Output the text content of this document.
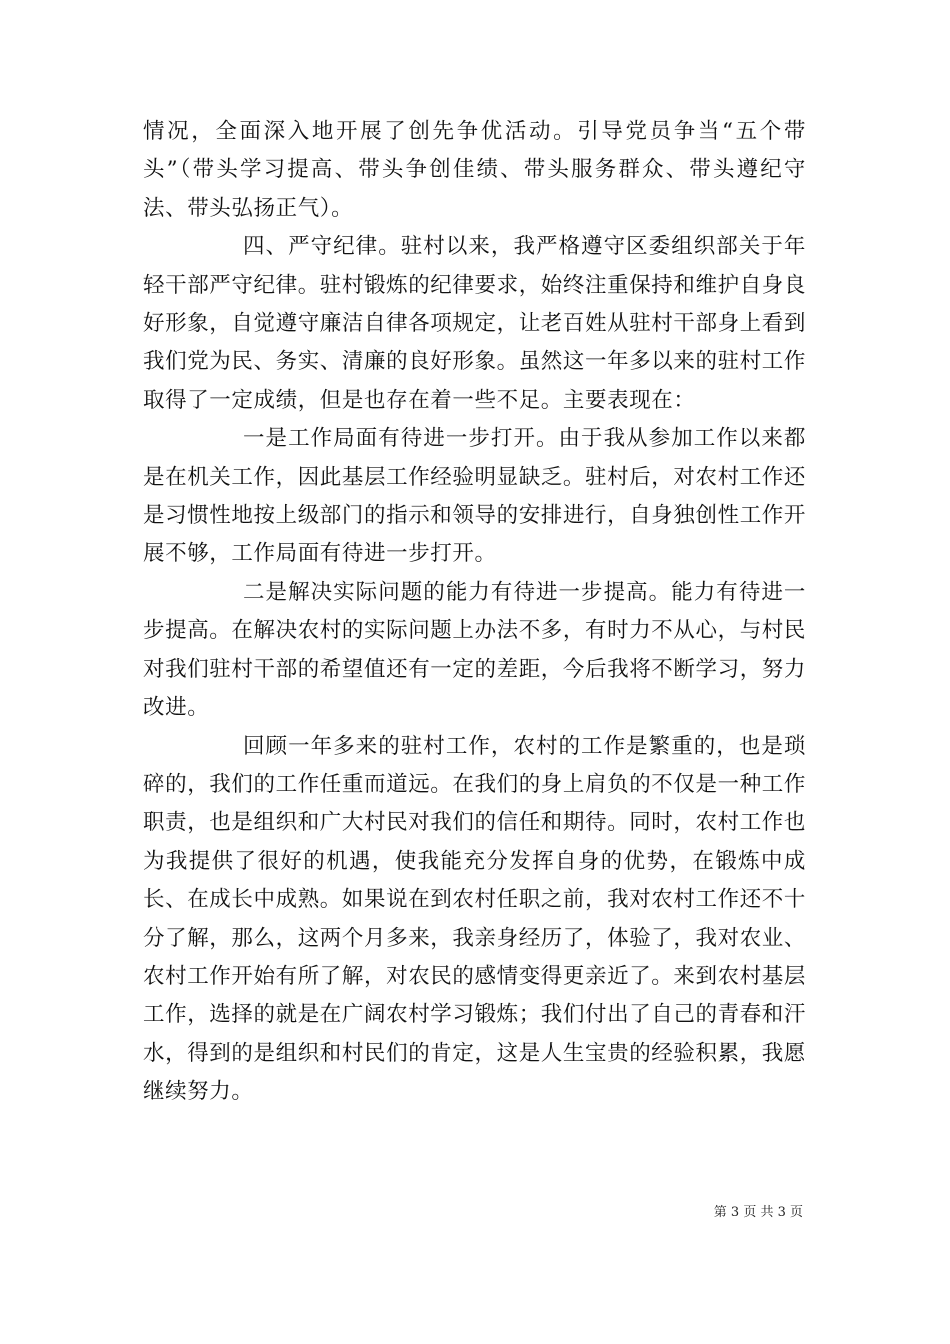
情况，全面深入地开展了创先争优活动。引导党员争当“五个带头”（带头学习提高、带头争创佳绩、带头服务群众、带头遵纪守法、带头弘扬正气）。

四、严守纪律。驻村以来，我严格遵守区委组织部关于年轻干部严守纪律。驻村锻炼的纪律要求，始终注重保持和维护自身良好形象，自觉遵守廉洁自律各项规定，让老百姓从驻村干部身上看到我们党为民、务实、清廉的良好形象。虽然这一年多以来的驻村工作取得了一定成绩，但是也存在着一些不足。主要表现在：

一是工作局面有待进一步打开。由于我从参加工作以来都是在机关工作，因此基层工作经验明显缺乏。驻村后，对农村工作还是习惯性地按上级部门的指示和领导的安排进行，自身独创性工作开展不够，工作局面有待进一步打开。

二是解决实际问题的能力有待进一步提高。能力有待进一步提高。在解决农村的实际问题上办法不多，有时力不从心，与村民对我们驻村干部的希望值还有一定的差距，今后我将不断学习，努力改进。

回顾一年多来的驻村工作，农村的工作是繁重的，也是琐碎的，我们的工作任重而道远。在我们的身上肩负的不仅是一种工作职责，也是组织和广大村民对我们的信任和期待。同时，农村工作也为我提供了很好的机遇，使我能充分发挥自身的优势，在锻炼中成长、在成长中成熟。如果说在到农村任职之前，我对农村工作还不十分了解，那么，这两个月多来，我亲身经历了，体验了，我对农业、农村工作开始有所了解，对农民的感情变得更亲近了。来到农村基层工作，选择的就是在广阔农村学习锻炼；我们付出了自己的青春和汗水，得到的是组织和村民们的肯定，这是人生宝贵的经验积累，我愿继续努力。

第 3 页 共 3 页
